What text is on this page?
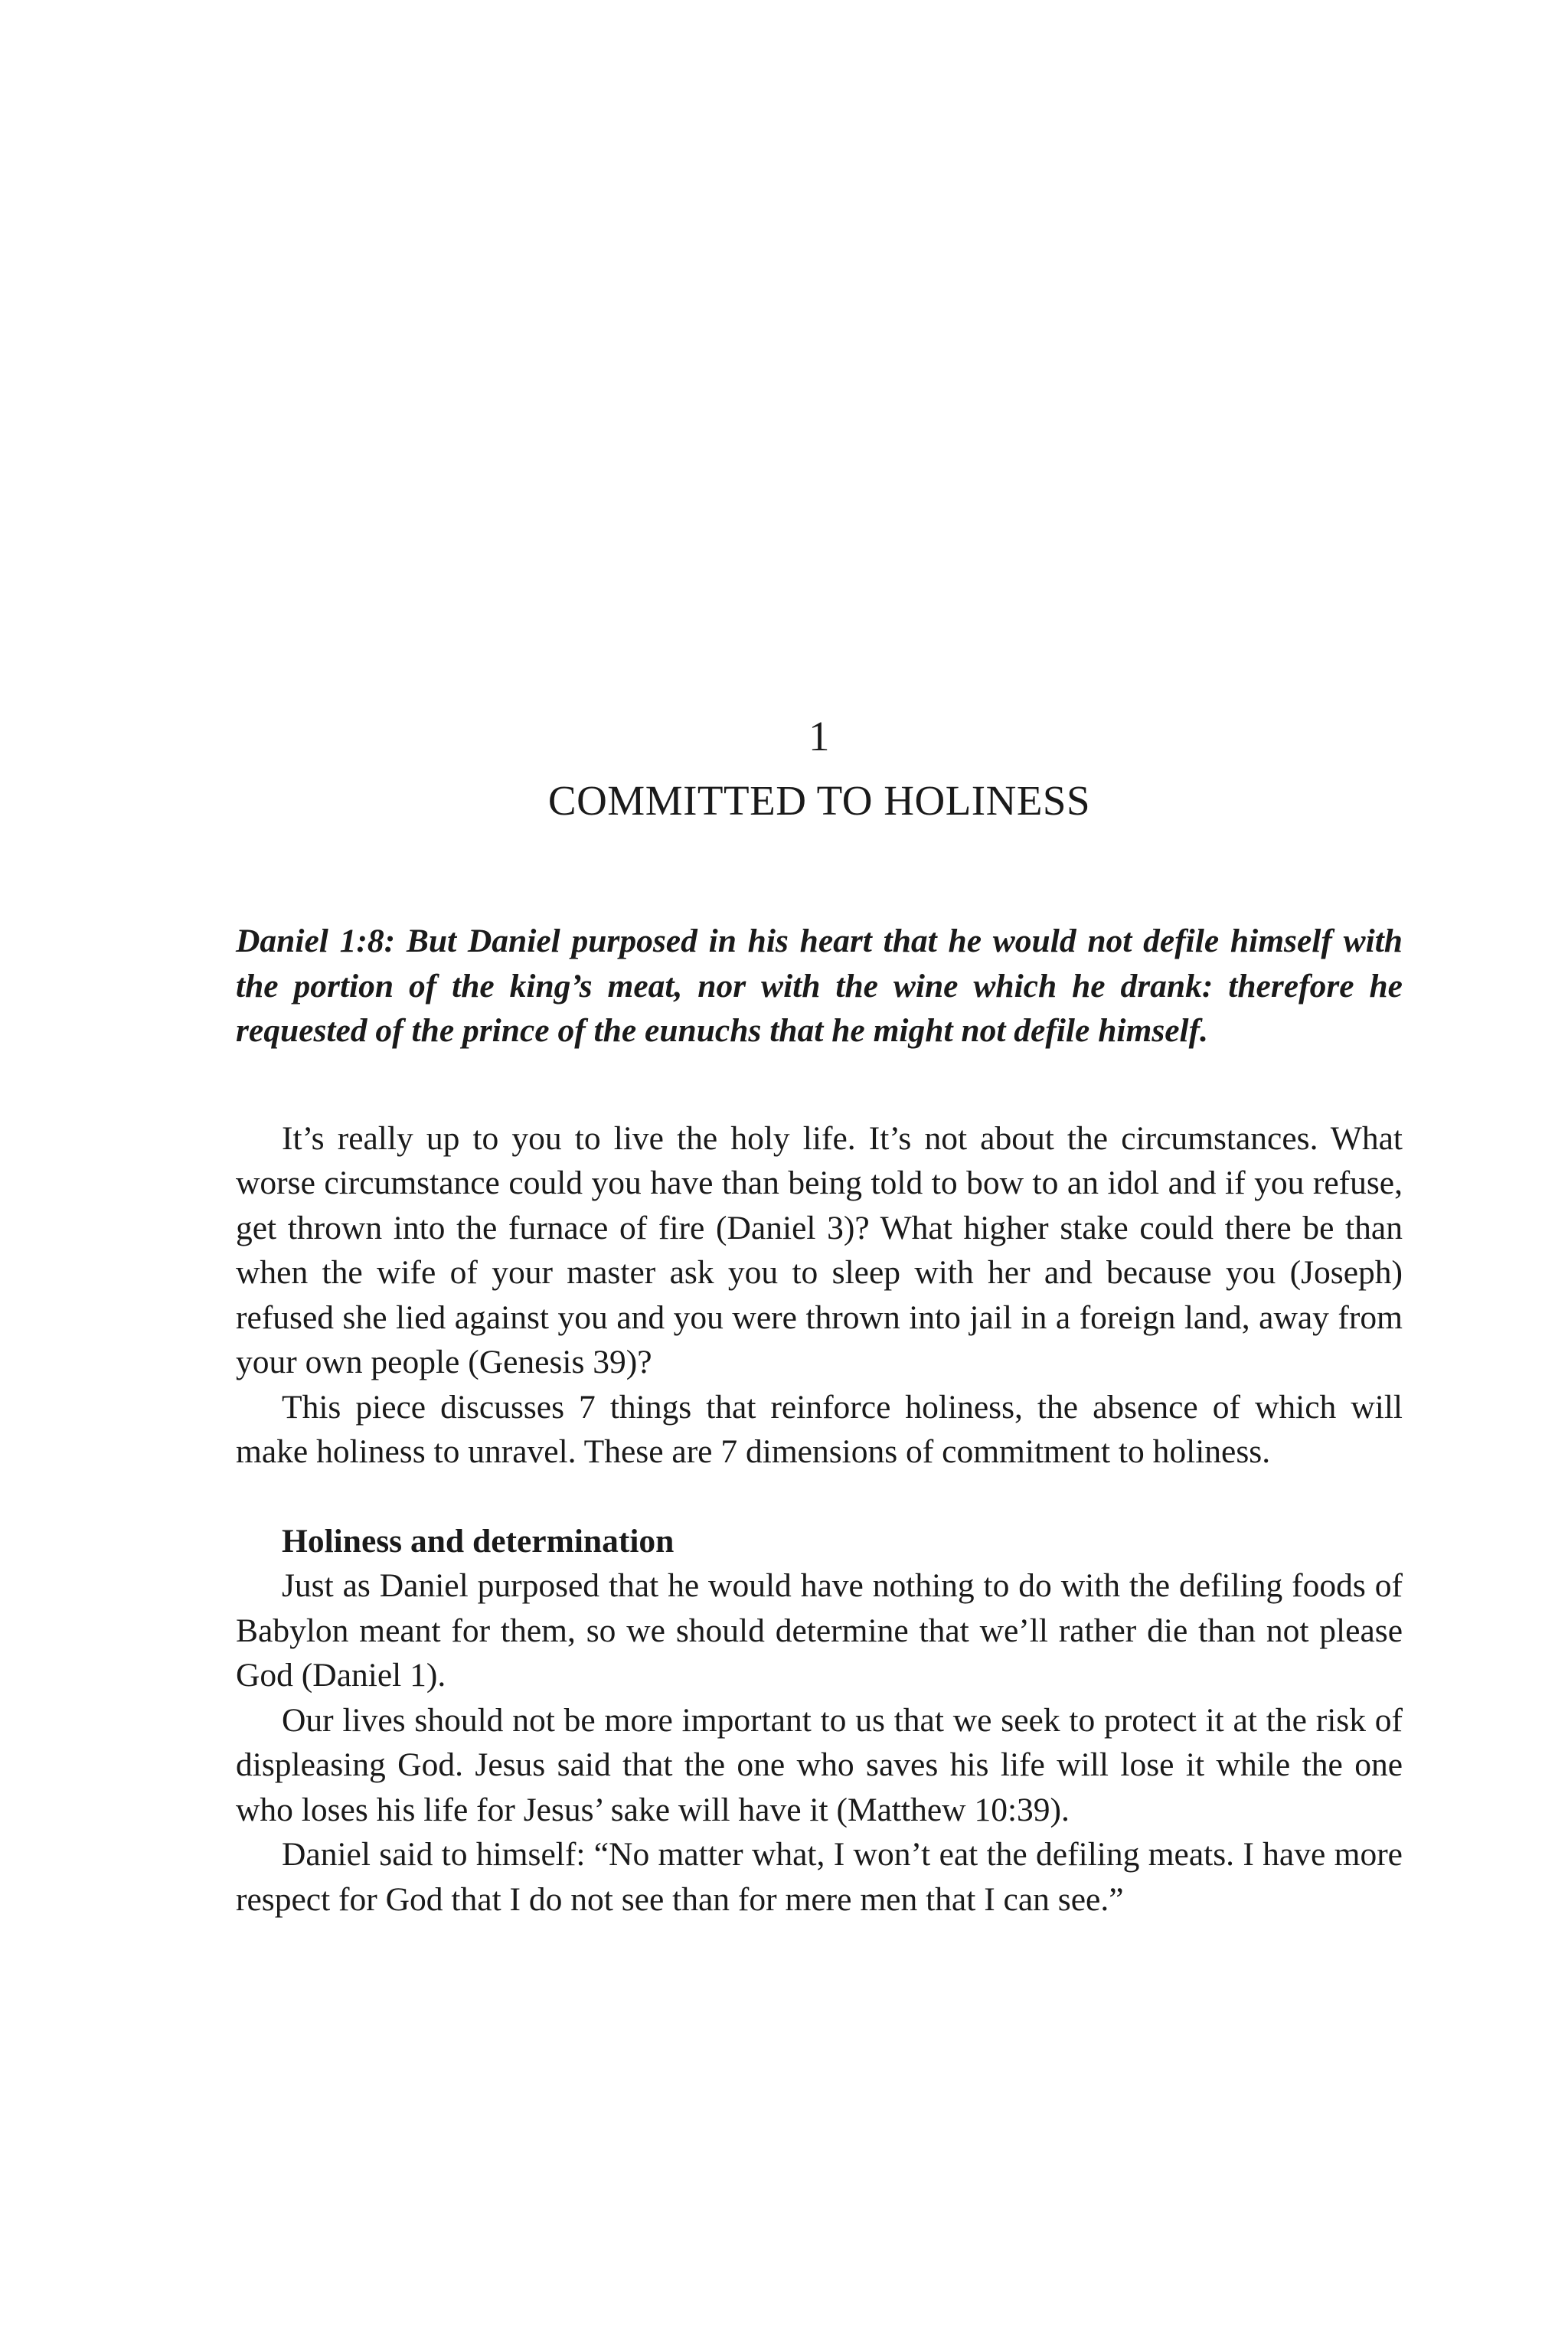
1
COMMITTED TO HOLINESS

Daniel 1:8: But Daniel purposed in his heart that he would not defile himself with the portion of the king’s meat, nor with the wine which he drank: therefore he requested of the prince of the eunuchs that he might not defile himself.

It’s really up to you to live the holy life. It’s not about the circumstances. What worse circumstance could you have than being told to bow to an idol and if you refuse, get thrown into the furnace of fire (Daniel 3)? What higher stake could there be than when the wife of your master ask you to sleep with her and because you (Joseph) refused she lied against you and you were thrown into jail in a foreign land, away from your own people (Genesis 39)?

This piece discusses 7 things that reinforce holiness, the absence of which will make holiness to unravel. These are 7 dimensions of commitment to holiness.

Holiness and determination

Just as Daniel purposed that he would have nothing to do with the defiling foods of Babylon meant for them, so we should determine that we’ll rather die than not please God (Daniel 1).

Our lives should not be more important to us that we seek to protect it at the risk of displeasing God. Jesus said that the one who saves his life will lose it while the one who loses his life for Jesus’ sake will have it (Matthew 10:39).

Daniel said to himself: “No matter what, I won’t eat the defiling meats. I have more respect for God that I do not see than for mere men that I can see.”
